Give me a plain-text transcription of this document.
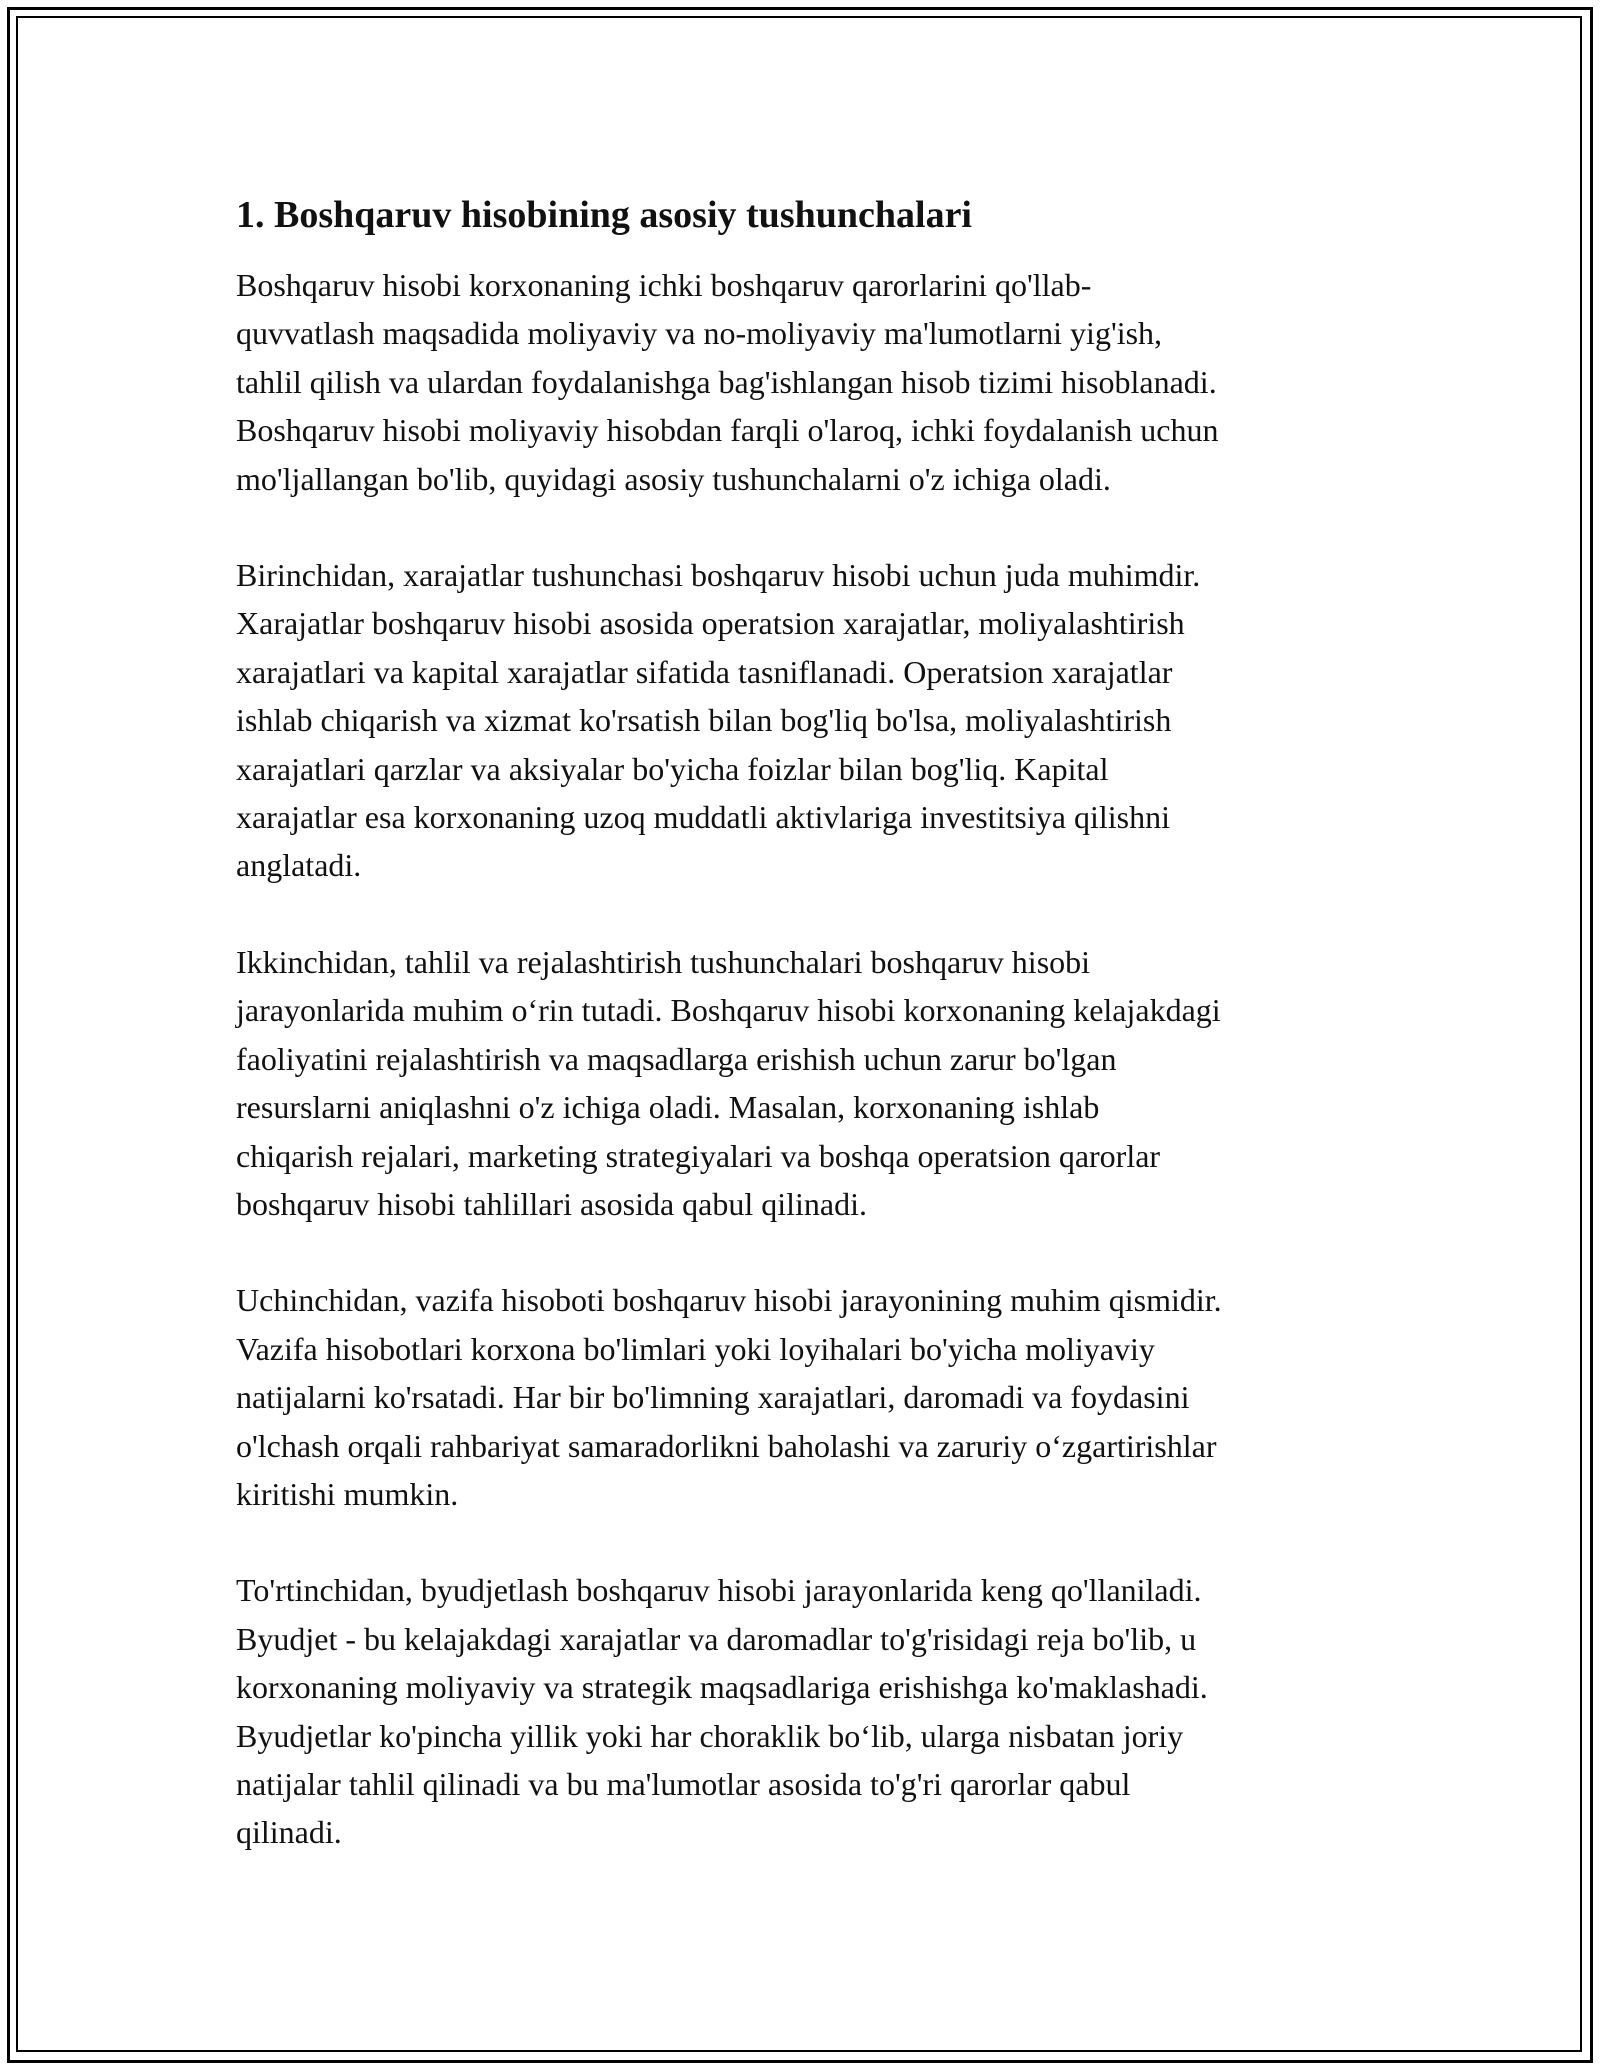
1. Boshqaruv hisobining asosiy tushunchalari

Boshqaruv hisobi korxonaning ichki boshqaruv qarorlarini qo'llab-
quvvatlash maqsadida moliyaviy va no-moliyaviy ma'lumotlarni yig'ish,
tahlil qilish va ulardan foydalanishga bag'ishlangan hisob tizimi hisoblanadi.
Boshqaruv hisobi moliyaviy hisobdan farqli o'laroq, ichki foydalanish uchun
mo'ljallangan bo'lib, quyidagi asosiy tushunchalarni o'z ichiga oladi.

Birinchidan, xarajatlar tushunchasi boshqaruv hisobi uchun juda muhimdir.
Xarajatlar boshqaruv hisobi asosida operatsion xarajatlar, moliyalashtirish
xarajatlari va kapital xarajatlar sifatida tasniflanadi. Operatsion xarajatlar
ishlab chiqarish va xizmat ko'rsatish bilan bog'liq bo'lsa, moliyalashtirish
xarajatlari qarzlar va aksiyalar bo'yicha foizlar bilan bog'liq. Kapital
xarajatlar esa korxonaning uzoq muddatli aktivlariga investitsiya qilishni
anglatadi.

Ikkinchidan, tahlil va rejalashtirish tushunchalari boshqaruv hisobi
jarayonlarida muhim o‘rin tutadi. Boshqaruv hisobi korxonaning kelajakdagi
faoliyatini rejalashtirish va maqsadlarga erishish uchun zarur bo'lgan
resurslarni aniqlashni o'z ichiga oladi. Masalan, korxonaning ishlab
chiqarish rejalari, marketing strategiyalari va boshqa operatsion qarorlar
boshqaruv hisobi tahlillari asosida qabul qilinadi.

Uchinchidan, vazifa hisoboti boshqaruv hisobi jarayonining muhim qismidir.
Vazifa hisobotlari korxona bo'limlari yoki loyihalari bo'yicha moliyaviy
natijalarni ko'rsatadi. Har bir bo'limning xarajatlari, daromadi va foydasini
o'lchash orqali rahbariyat samaradorlikni baholashi va zaruriy o‘zgartirishlar
kiritishi mumkin.

To'rtinchidan, byudjetlash boshqaruv hisobi jarayonlarida keng qo'llaniladi.
Byudjet - bu kelajakdagi xarajatlar va daromadlar to'g'risidagi reja bo'lib, u
korxonaning moliyaviy va strategik maqsadlariga erishishga ko'maklashadi.
Byudjetlar ko'pincha yillik yoki har choraklik bo‘lib, ularga nisbatan joriy
natijalar tahlil qilinadi va bu ma'lumotlar asosida to'g'ri qarorlar qabul
qilinadi.
